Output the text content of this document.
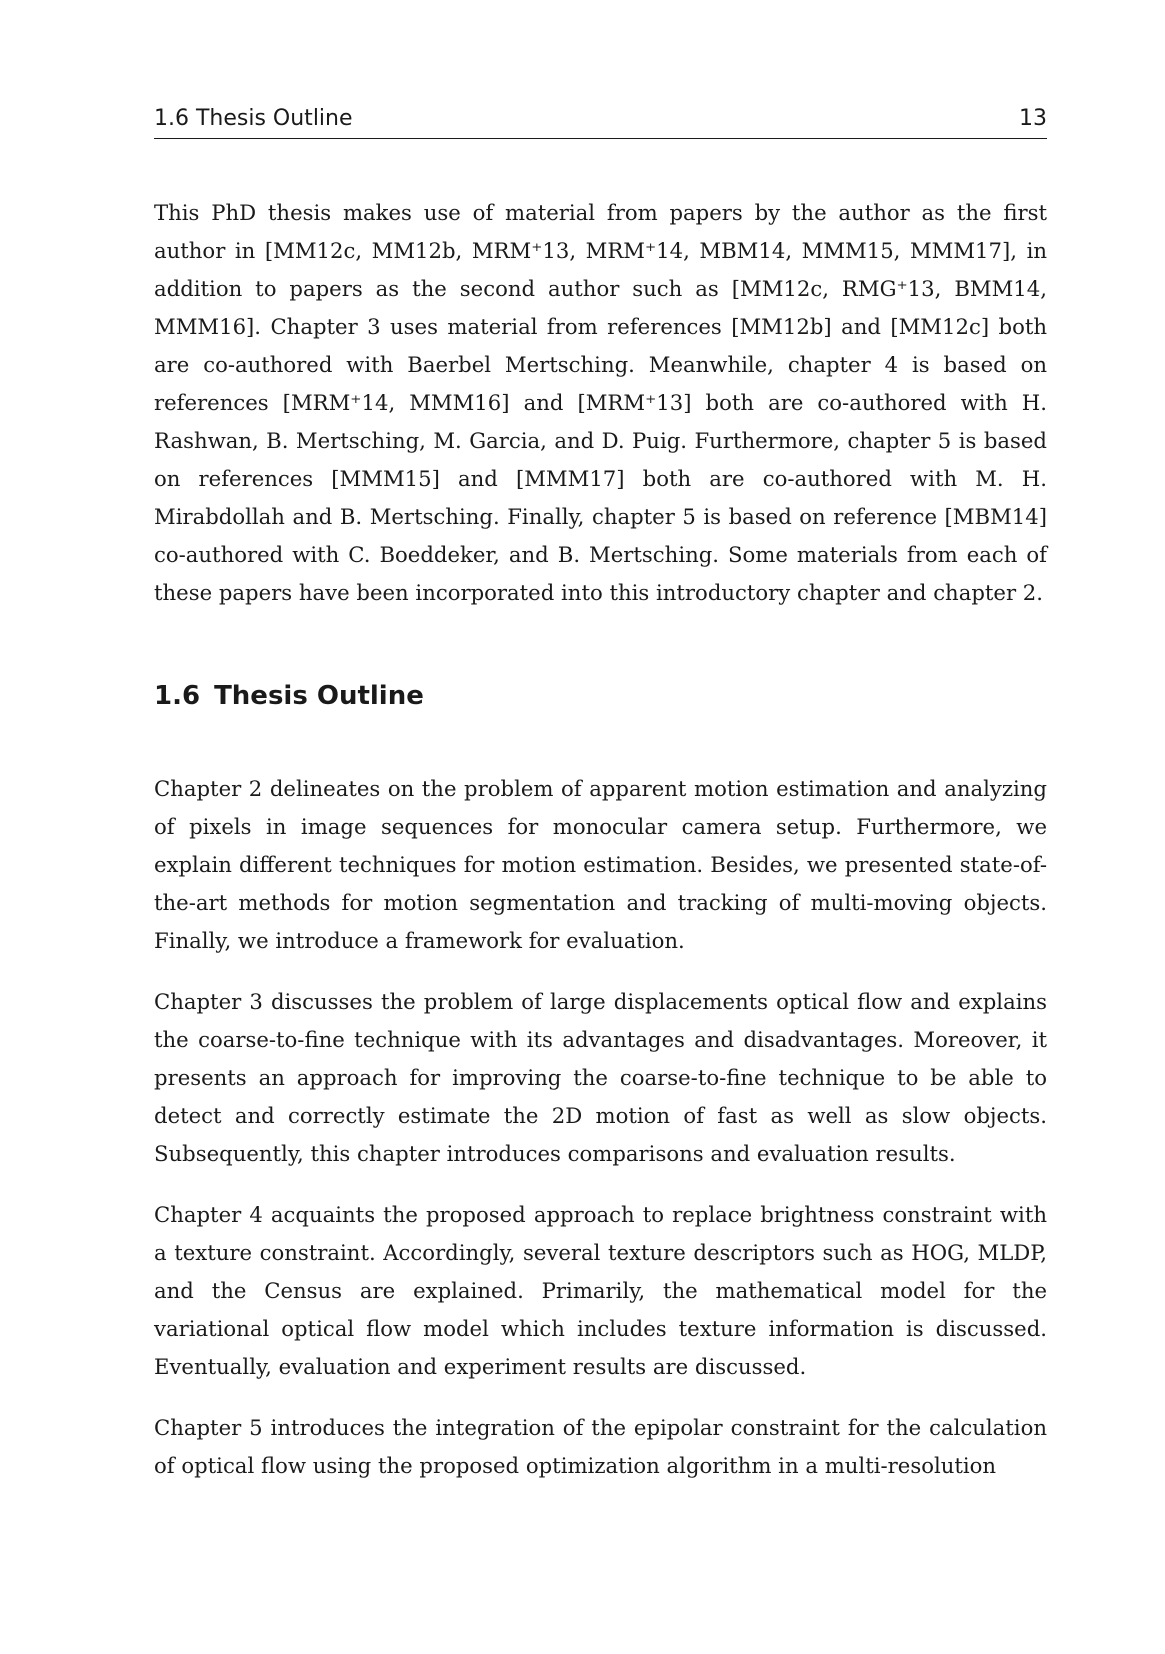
1.6 Thesis Outline	13

This PhD thesis makes use of material from papers by the author as the first author in [MM12c, MM12b, MRM⁺13, MRM⁺14, MBM14, MMM15, MMM17], in addition to papers as the second author such as [MM12c, RMG⁺13, BMM14, MMM16]. Chapter 3 uses material from references [MM12b] and [MM12c] both are co-authored with Baerbel Mertsching. Meanwhile, chapter 4 is based on references [MRM⁺14, MMM16] and [MRM⁺13] both are co-authored with H. Rashwan, B. Mertsching, M. Garcia, and D. Puig. Furthermore, chapter 5 is based on references [MMM15] and [MMM17] both are co-authored with M. H. Mirabdollah and B. Mertsching. Finally, chapter 5 is based on reference [MBM14] co-authored with C. Boeddeker, and B. Mertsching. Some materials from each of these papers have been incorporated into this introductory chapter and chapter 2.

1.6 Thesis Outline

Chapter 2 delineates on the problem of apparent motion estimation and analyzing of pixels in image sequences for monocular camera setup. Furthermore, we explain different techniques for motion estimation. Besides, we presented state-of-the-art methods for motion segmentation and tracking of multi-moving objects. Finally, we introduce a framework for evaluation.

Chapter 3 discusses the problem of large displacements optical flow and explains the coarse-to-fine technique with its advantages and disadvantages. Moreover, it presents an approach for improving the coarse-to-fine technique to be able to detect and correctly estimate the 2D motion of fast as well as slow objects. Subsequently, this chapter introduces comparisons and evaluation results.

Chapter 4 acquaints the proposed approach to replace brightness constraint with a texture constraint. Accordingly, several texture descriptors such as HOG, MLDP, and the Census are explained. Primarily, the mathematical model for the variational optical flow model which includes texture information is discussed. Eventually, evaluation and experiment results are discussed.

Chapter 5 introduces the integration of the epipolar constraint for the calculation of optical flow using the proposed optimization algorithm in a multi-resolution
